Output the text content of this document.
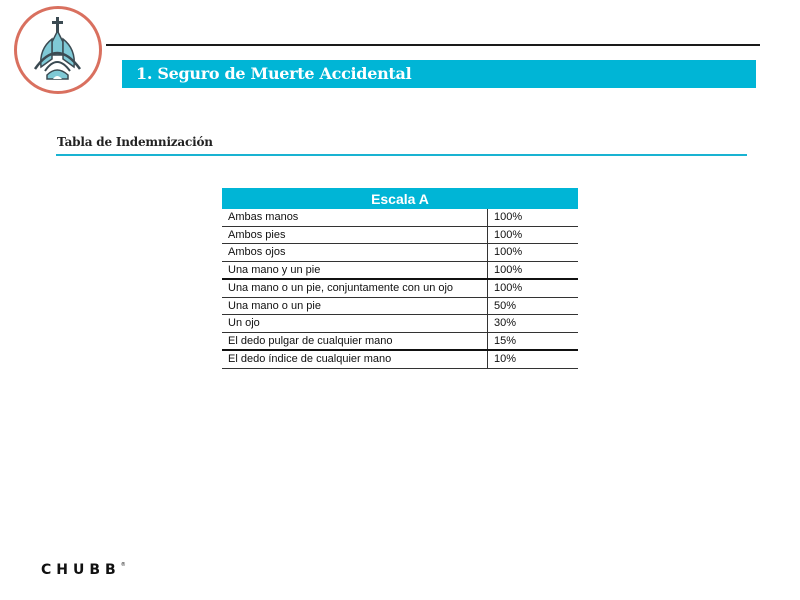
1. Seguro de Muerte Accidental
Tabla de Indemnización
Escala A	
Ambas manos	100%
Ambos pies	100%
Ambos ojos	100%
Una mano y un pie	100%
Una mano o un pie, conjuntamente con un ojo	100%
Una mano o un pie	50%
Un ojo	30%
El dedo pulgar de cualquier mano	15%
El dedo índice de cualquier mano	10%
CHUBB®
